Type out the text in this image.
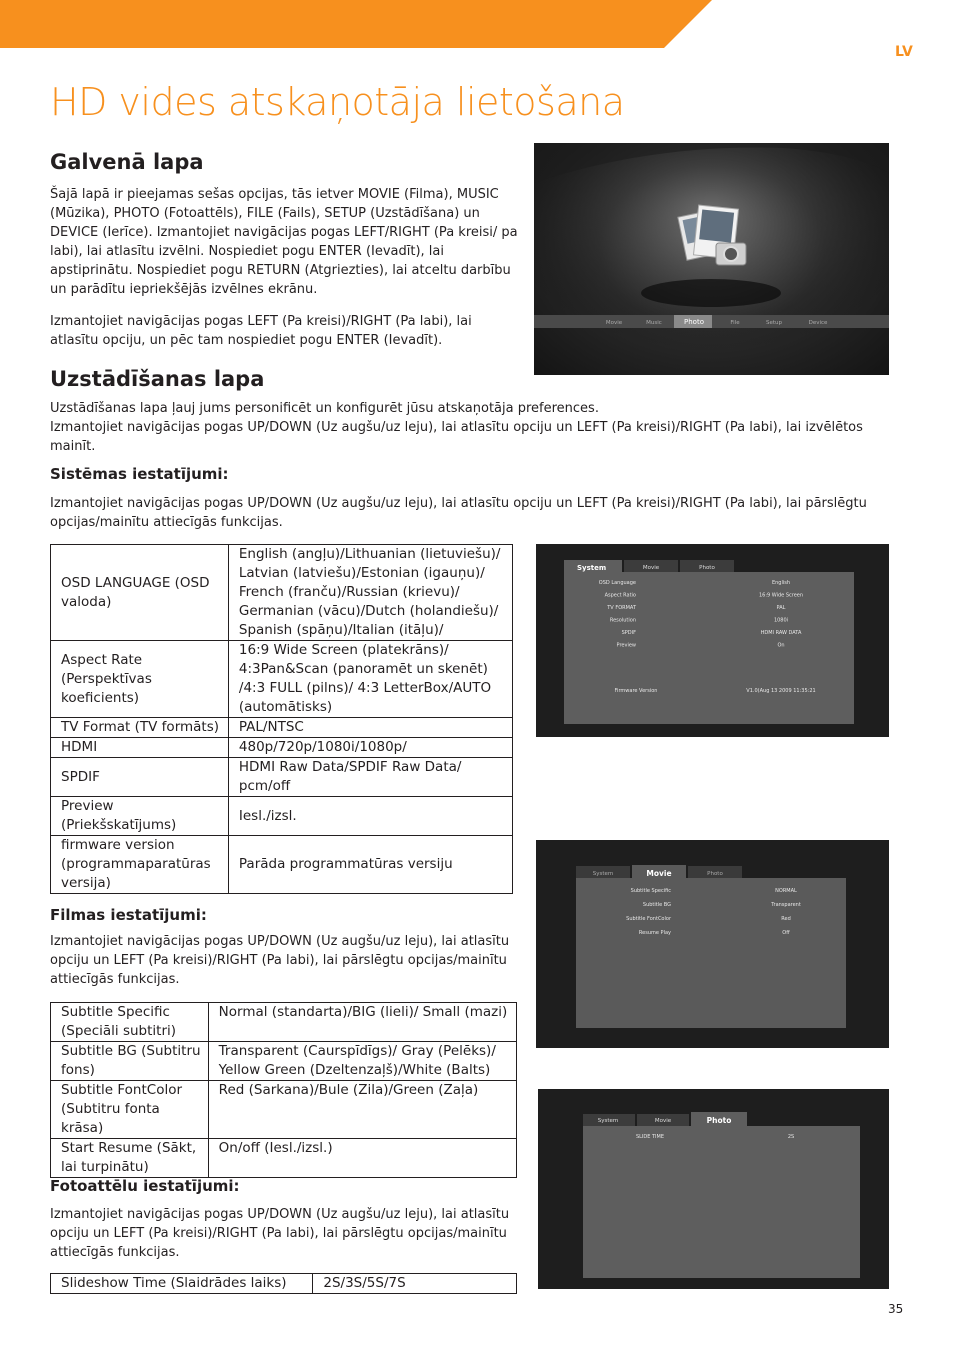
LV
HD vides atskaņotāja lietošana
Galvenā lapa
Šajā lapā ir pieejamas sešas opcijas, tās ietver MOVIE (Filma), MUSIC (Mūzika), PHOTO (Fotoattēls), FILE (Fails), SETUP (Uzstādīšana) un DEVICE (Ierīce). Izmantojiet navigācijas pogas LEFT/RIGHT (Pa kreisi/ pa labi), lai atlasītu izvēlni. Nospiediet pogu ENTER (Ievadīt), lai apstiprinātu. Nospiediet pogu RETURN (Atgriezties), lai atceltu darbību un parādītu iepriekšējās izvēlnes ekrānu.
Izmantojiet navigācijas pogas LEFT (Pa kreisi)/RIGHT (Pa labi), lai atlasītu opciju, un pēc tam nospiediet pogu ENTER (Ievadīt).
Movie	Music	Photo	File	Setup	Device
Uzstādīšanas lapa
Uzstādīšanas lapa ļauj jums personificēt un konfigurēt jūsu atskaņotāja preferences.
Izmantojiet navigācijas pogas UP/DOWN (Uz augšu/uz leju), lai atlasītu opciju un LEFT (Pa kreisi)/RIGHT (Pa labi), lai izvēlētos mainīt.
Sistēmas iestatījumi:
Izmantojiet navigācijas pogas UP/DOWN (Uz augšu/uz leju), lai atlasītu opciju un LEFT (Pa kreisi)/RIGHT (Pa labi), lai pārslēgtu opcijas/mainītu attiecīgās funkcijas.
OSD LANGUAGE (OSD valoda)	English (angļu)/Lithuanian (lietuviešu)/ Latvian (latviešu)/Estonian (igauņu)/ French (franču)/Russian (krievu)/ Germanian (vācu)/Dutch (holandiešu)/ Spanish (spāņu)/Italian (itāļu)/
Aspect Rate (Perspektīvas koeficients)	16:9 Wide Screen (platekrāns)/ 4:3Pan&Scan (panoramēt un skenēt) /4:3 FULL (pilns)/ 4:3 LetterBox/AUTO (automātisks)
TV Format (TV formāts)	PAL/NTSC
HDMI	480p/720p/1080i/1080p/
SPDIF	HDMI Raw Data/SPDIF Raw Data/ pcm/off
Preview (Priekšskatījums)	Iesl./izsl.
firmware version (programmaparatūras versija)	Parāda programmatūras versiju
System	Movie	Photo
OSD Language	English
Aspect Ratio	16:9 Wide Screen
TV FORMAT	PAL
Resolution	1080i
SPDIF	HDMI RAW DATA
Preview	On
Firmware Version	V1.0(Aug 13 2009 11:35:21
Filmas iestatījumi:
Izmantojiet navigācijas pogas UP/DOWN (Uz augšu/uz leju), lai atlasītu opciju un LEFT (Pa kreisi)/RIGHT (Pa labi), lai pārslēgtu opcijas/mainītu attiecīgās funkcijas.
Subtitle Specific (Speciāli subtitri)	Normal (standarta)/BIG (lieli)/ Small (mazi)
Subtitle BG (Subtitru fons)	Transparent (Caurspīdīgs)/ Gray (Pelēks)/ Yellow Green (Dzeltenzaļš)/White (Balts)
Subtitle FontColor (Subtitru fonta krāsa)	Red (Sarkana)/Bule (Zila)/Green (Zaļa)
Start Resume (Sākt, lai turpinātu)	On/off (Iesl./izsl.)
System	Movie	Photo
Subtitle Specific	NORMAL
Subtitle BG	Transparent
Subtitle FontColor	Red
Resume Play	Off
Fotoattēlu iestatījumi:
Izmantojiet navigācijas pogas UP/DOWN (Uz augšu/uz leju), lai atlasītu opciju un LEFT (Pa kreisi)/RIGHT (Pa labi), lai pārslēgtu opcijas/mainītu attiecīgās funkcijas.
Slideshow Time (Slaidrādes laiks)	2S/3S/5S/7S
System	Movie	Photo
SLIDE TIME	2S
35
